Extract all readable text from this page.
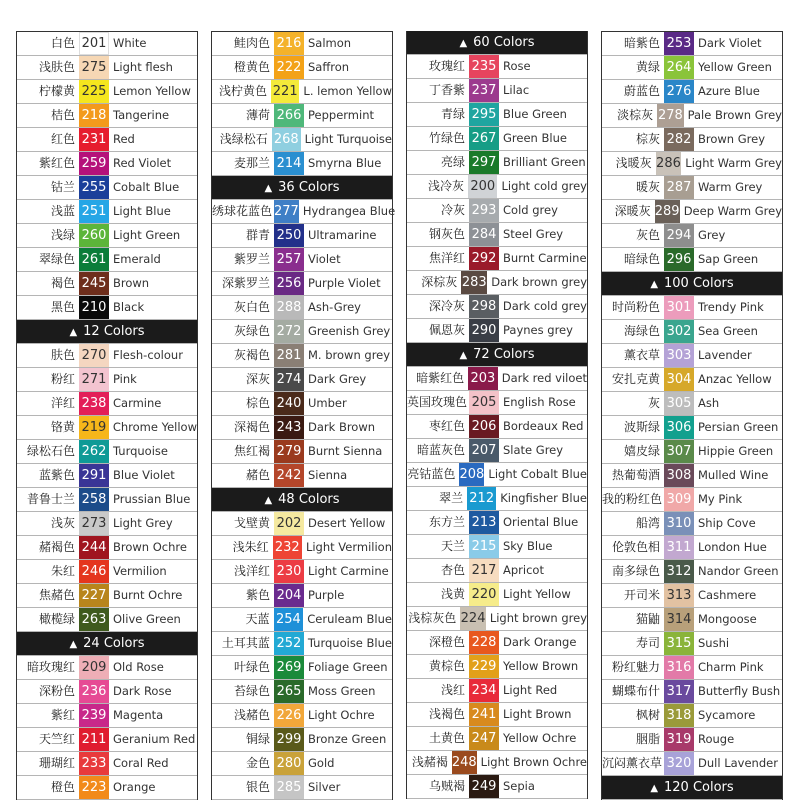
白色 201 White
浅肤色 275 Light flesh
柠檬黄 225 Lemon Yellow
桔色 218 Tangerine
红色 231 Red
紫红色 259 Red Violet
钴兰 255 Cobalt Blue
浅蓝 251 Light Blue
浅绿 260 Light Green
翠绿色 261 Emerald
褐色 245 Brown
黑色 210 Black
▲ 12 Colors
肤色 270 Flesh-colour
粉红 271 Pink
洋红 238 Carmine
铬黄 219 Chrome Yellow
绿松石色 262 Turquoise
蓝紫色 291 Blue Violet
普鲁士兰 258 Prussian Blue
浅灰 273 Light Grey
赭褐色 244 Brown Ochre
朱红 246 Vermilion
焦赭色 227 Burnt Ochre
橄榄绿 263 Olive Green
▲ 24 Colors
暗玫瑰红 209 Old Rose
深粉色 236 Dark Rose
紫红 239 Magenta
天竺红 211 Geranium Red
珊瑚红 233 Coral Red
橙色 223 Orange
鲑肉色 216 Salmon
橙黄色 222 Saffron
浅柠黄色 221 L. lemon Yellow
薄荷 266 Peppermint
浅绿松石 268 Light Turquoise
麦那兰 214 Smyrna Blue
▲ 36 Colors
绣球花蓝色 277 Hydrangea Blue
群青 250 Ultramarine
紫罗兰 257 Violet
深紫罗兰 256 Purple Violet
灰白色 288 Ash-Grey
灰绿色 272 Greenish Grey
灰褐色 281 M. brown grey
深灰 274 Dark Grey
棕色 240 Umber
深褐色 243 Dark Brown
焦红褐 279 Burnt Sienna
赭色 242 Sienna
▲ 48 Colors
戈壁黄 202 Desert Yellow
浅朱红 232 Light Vermilion
浅洋红 230 Light Carmine
紫色 204 Purple
天蓝 254 Ceruleam Blue
土耳其蓝 252 Turquoise Blue
叶绿色 269 Foliage Green
苔绿色 265 Moss Green
浅赭色 226 Light Ochre
铜绿 299 Bronze Green
金色 280 Gold
银色 285 Silver
▲ 60 Colors
玫瑰红 235 Rose
丁香紫 237 Lilac
青绿 295 Blue Green
竹绿色 267 Green Blue
亮绿 297 Brilliant Green
浅冷灰 200 Light cold grey
冷灰 293 Cold grey
钢灰色 284 Steel Grey
焦洋红 292 Burnt Carmine
深棕灰 283 Dark brown grey
深冷灰 298 Dark cold grey
佩恩灰 290 Paynes grey
▲ 72 Colors
暗紫红色 203 Dark red viloet
英国玫瑰色 205 English Rose
枣红色 206 Bordeaux Red
暗蓝灰色 207 Slate Grey
亮钴蓝色 208 Light Cobalt Blue
翠兰 212 Kingfisher Blue
东方兰 213 Oriental Blue
天兰 215 Sky Blue
杏色 217 Apricot
浅黄 220 Light Yellow
浅棕灰色 224 Light brown grey
深橙色 228 Dark Orange
黄棕色 229 Yellow Brown
浅红 234 Light Red
浅褐色 241 Light Brown
土黄色 247 Yellow Ochre
浅赭褐 248 Light Brown Ochre
乌贼褐 249 Sepia
暗紫色 253 Dark Violet
黄绿 264 Yellow Green
蔚蓝色 276 Azure Blue
淡棕灰 278 Pale Brown Grey
棕灰 282 Brown Grey
浅暖灰 286 Light Warm Grey
暖灰 287 Warm Grey
深暖灰 289 Deep Warm Grey
灰色 294 Grey
暗绿色 296 Sap Green
▲ 100 Colors
时尚粉色 301 Trendy Pink
海绿色 302 Sea Green
薰衣草 303 Lavender
安扎克黄 304 Anzac Yellow
灰 305 Ash
波斯绿 306 Persian Green
嬉皮绿 307 Hippie Green
热葡萄酒 308 Mulled Wine
我的粉红色 309 My Pink
船湾 310 Ship Cove
伦敦色相 311 London Hue
南多绿色 312 Nandor Green
开司米 313 Cashmere
猫鼬 314 Mongoose
寿司 315 Sushi
粉红魅力 316 Charm Pink
蝴蝶布什 317 Butterfly Bush
枫树 318 Sycamore
胭脂 319 Rouge
沉闷薰衣草 320 Dull Lavender
▲ 120 Colors
